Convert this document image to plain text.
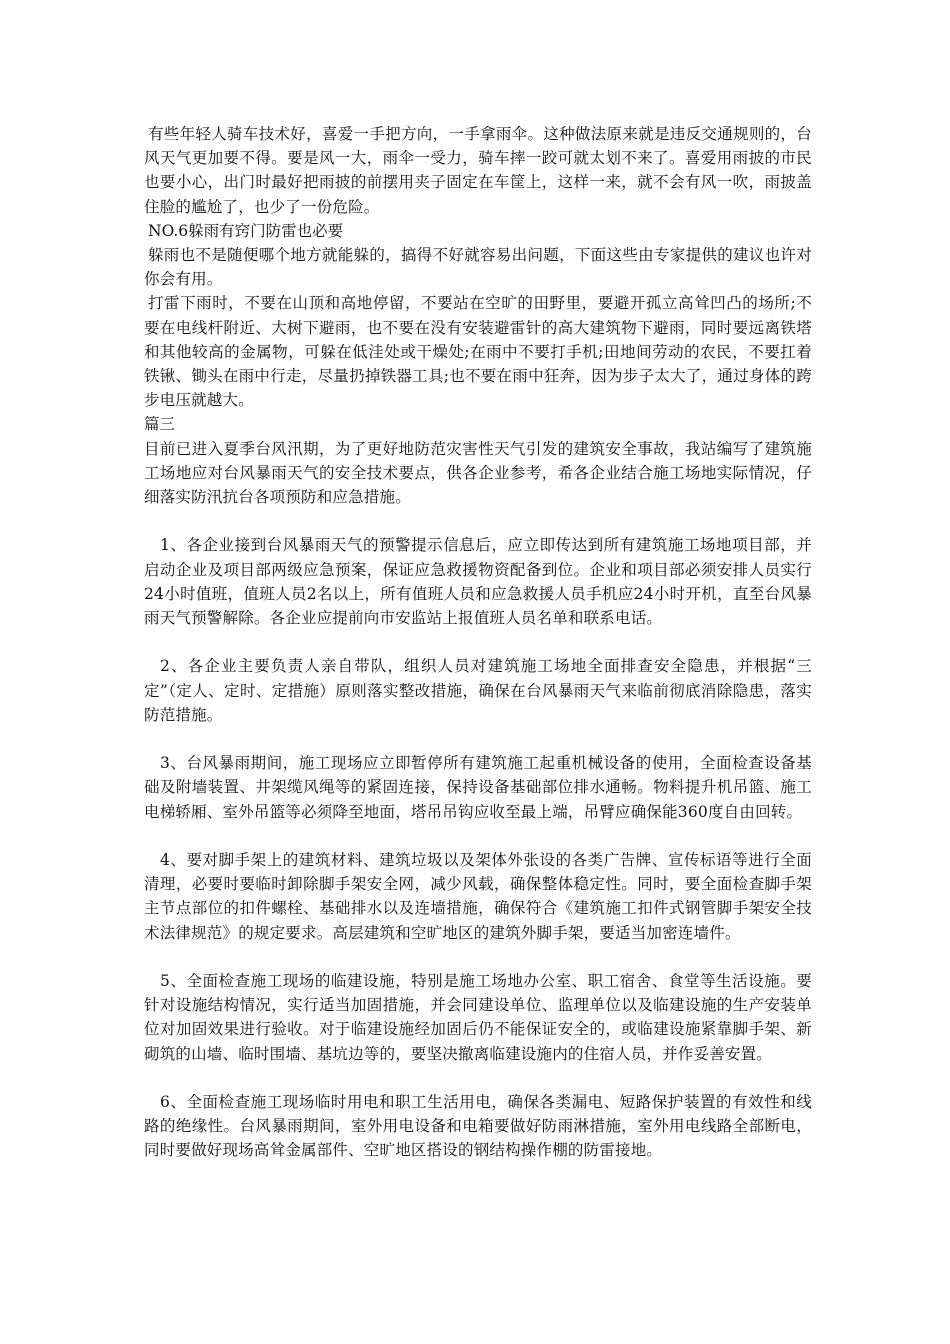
有些年轻人骑车技术好，喜爱一手把方向，一手拿雨伞。这种做法原来就是违反交通规则的，台风天气更加要不得。要是风一大，雨伞一受力，骑车摔一跤可就太划不来了。喜爱用雨披的市民也要小心，出门时最好把雨披的前摆用夹子固定在车筐上，这样一来，就不会有风一吹，雨披盖住脸的尴尬了，也少了一份危险。

NO.6躲雨有窍门防雷也必要

躲雨也不是随便哪个地方就能躲的，搞得不好就容易出问题，下面这些由专家提供的建议也许对你会有用。

打雷下雨时，不要在山顶和高地停留，不要站在空旷的田野里，要避开孤立高耸凹凸的场所;不要在电线杆附近、大树下避雨，也不要在没有安装避雷针的高大建筑物下避雨，同时要远离铁塔和其他较高的金属物，可躲在低洼处或干燥处;在雨中不要打手机;田地间劳动的农民，不要扛着铁锹、锄头在雨中行走，尽量扔掉铁器工具;也不要在雨中狂奔，因为步子太大了，通过身体的跨步电压就越大。

篇三

目前已进入夏季台风汛期，为了更好地防范灾害性天气引发的建筑安全事故，我站编写了建筑施工场地应对台风暴雨天气的安全技术要点，供各企业参考，希各企业结合施工场地实际情况，仔细落实防汛抗台各项预防和应急措施。

1、各企业接到台风暴雨天气的预警提示信息后，应立即传达到所有建筑施工场地项目部，并启动企业及项目部两级应急预案，保证应急救援物资配备到位。企业和项目部必须安排人员实行24小时值班，值班人员2名以上，所有值班人员和应急救援人员手机应24小时开机，直至台风暴雨天气预警解除。各企业应提前向市安监站上报值班人员名单和联系电话。

2、各企业主要负责人亲自带队，组织人员对建筑施工场地全面排查安全隐患，并根据“三定”（定人、定时、定措施）原则落实整改措施，确保在台风暴雨天气来临前彻底消除隐患，落实防范措施。

3、台风暴雨期间，施工现场应立即暂停所有建筑施工起重机械设备的使用，全面检查设备基础及附墙装置、井架缆风绳等的紧固连接，保持设备基础部位排水通畅。物料提升机吊篮、施工电梯轿厢、室外吊篮等必须降至地面，塔吊吊钩应收至最上端，吊臂应确保能360度自由回转。

4、要对脚手架上的建筑材料、建筑垃圾以及架体外张设的各类广告牌、宣传标语等进行全面清理，必要时要临时卸除脚手架安全网，减少风载，确保整体稳定性。同时，要全面检查脚手架主节点部位的扣件螺栓、基础排水以及连墙措施，确保符合《建筑施工扣件式钢管脚手架安全技术法律规范》的规定要求。高层建筑和空旷地区的建筑外脚手架，要适当加密连墙件。

5、全面检查施工现场的临建设施，特别是施工场地办公室、职工宿舍、食堂等生活设施。要针对设施结构情况，实行适当加固措施，并会同建设单位、监理单位以及临建设施的生产安装单位对加固效果进行验收。对于临建设施经加固后仍不能保证安全的，或临建设施紧靠脚手架、新砌筑的山墙、临时围墙、基坑边等的，要坚决撤离临建设施内的住宿人员，并作妥善安置。

6、全面检查施工现场临时用电和职工生活用电，确保各类漏电、短路保护装置的有效性和线路的绝缘性。台风暴雨期间，室外用电设备和电箱要做好防雨淋措施，室外用电线路全部断电，同时要做好现场高耸金属部件、空旷地区搭设的钢结构操作棚的防雷接地。
